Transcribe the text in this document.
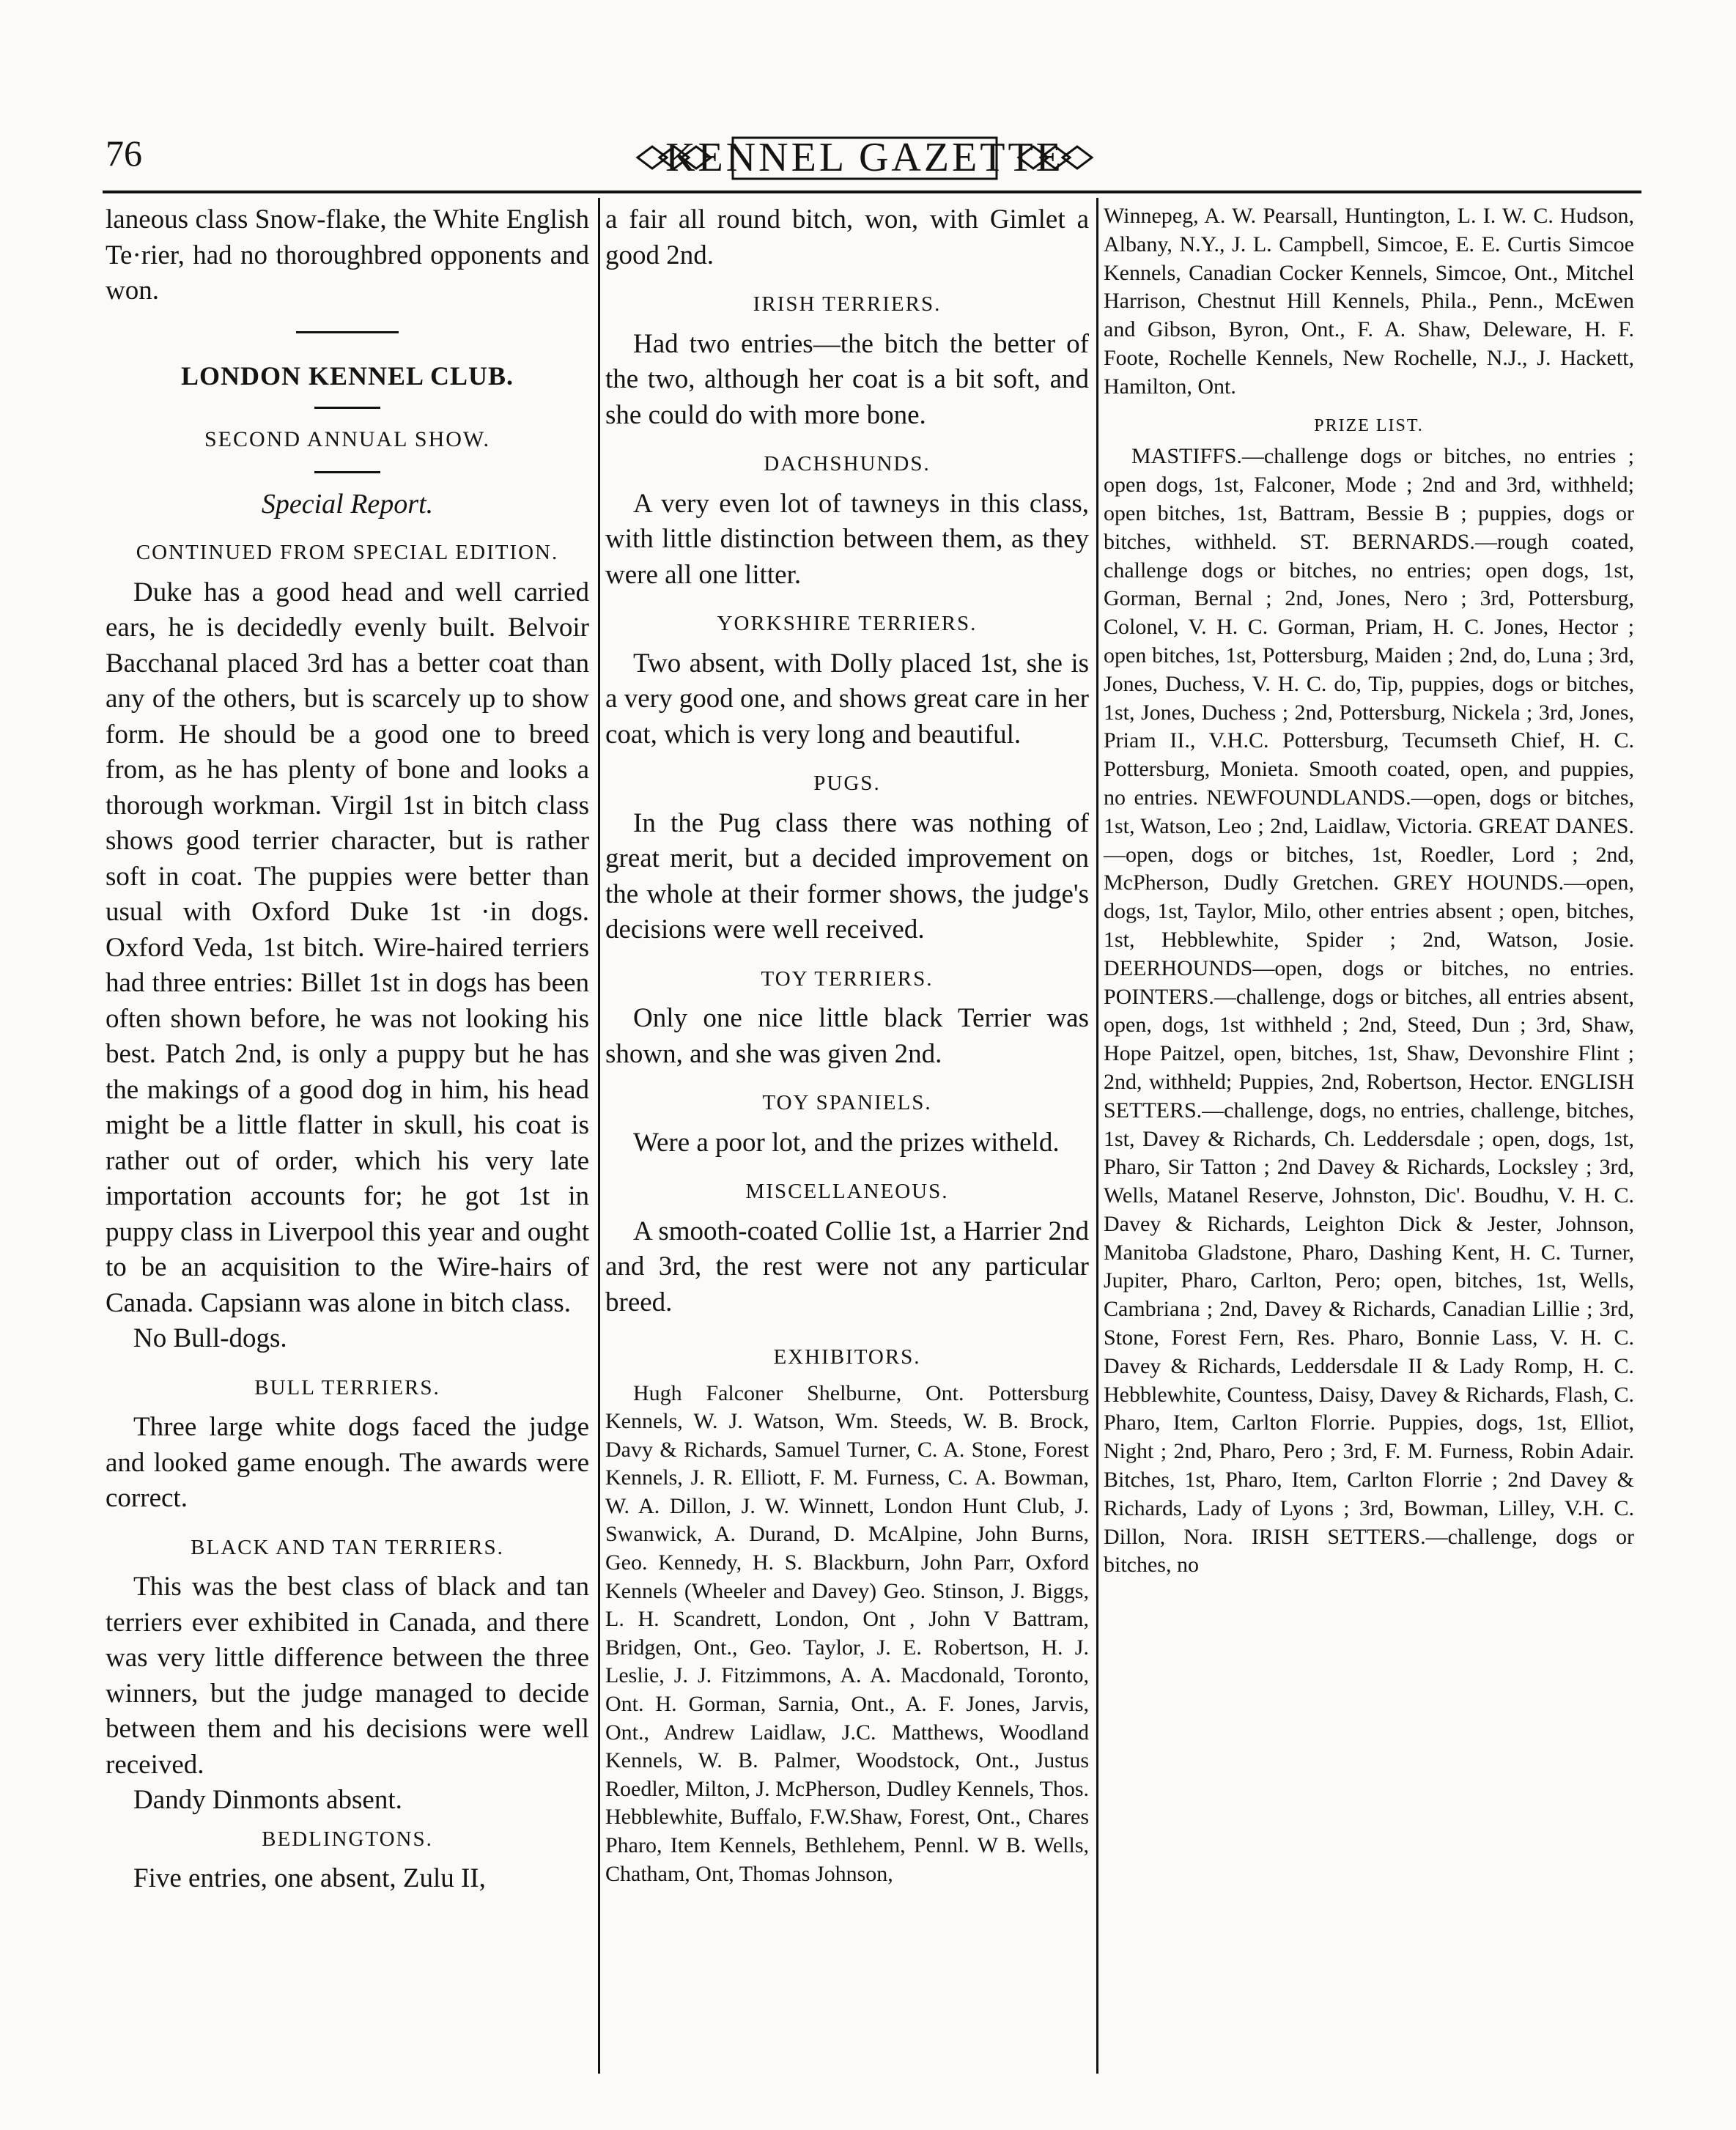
76	KENNEL GAZETTE

laneous class Snow-flake, the White English Te·rier, had no thoroughbred opponents and won.

LONDON KENNEL CLUB.
SECOND ANNUAL SHOW.
Special Report.
CONTINUED FROM SPECIAL EDITION.

Duke has a good head and well carried ears, he is decidedly evenly built. Belvoir Bacchanal placed 3rd has a better coat than any of the others, but is scarcely up to show form. He should be a good one to breed from, as he has plenty of bone and looks a thorough workman. Virgil 1st in bitch class shows good terrier character, but is rather soft in coat. The puppies were better than usual with Oxford Duke 1st ·in dogs. Oxford Veda, 1st bitch. Wire-haired terriers had three entries: Billet 1st in dogs has been often shown before, he was not looking his best. Patch 2nd, is only a puppy but he has the makings of a good dog in him, his head might be a little flatter in skull, his coat is rather out of order, which his very late importation accounts for; he got 1st in puppy class in Liverpool this year and ought to be an acquisition to the Wire-hairs of Canada. Capsiann was alone in bitch class.

No Bull-dogs.

BULL TERRIERS.

Three large white dogs faced the judge and looked game enough. The awards were correct.

BLACK AND TAN TERRIERS.

This was the best class of black and tan terriers ever exhibited in Canada, and there was very little difference between the three winners, but the judge managed to decide between them and his decisions were well received.

Dandy Dinmonts absent.

BEDLINGTONS.

Five entries, one absent, Zulu II,

a fair all round bitch, won, with Gimlet a good 2nd.

IRISH TERRIERS.

Had two entries—the bitch the better of the two, although her coat is a bit soft, and she could do with more bone.

DACHSHUNDS.

A very even lot of tawneys in this class, with little distinction between them, as they were all one litter.

YORKSHIRE TERRIERS.

Two absent, with Dolly placed 1st, she is a very good one, and shows great care in her coat, which is very long and beautiful.

PUGS.

In the Pug class there was nothing of great merit, but a decided improvement on the whole at their former shows, the judge's decisions were well received.

TOY TERRIERS.

Only one nice little black Terrier was shown, and she was given 2nd.

TOY SPANIELS.

Were a poor lot, and the prizes witheld.

MISCELLANEOUS.

A smooth-coated Collie 1st, a Harrier 2nd and 3rd, the rest were not any particular breed.

EXHIBITORS.

Hugh Falconer Shelburne, Ont. Pottersburg Kennels, W. J. Watson, Wm. Steeds, W. B. Brock, Davy & Richards, Samuel Turner, C. A. Stone, Forest Kennels, J. R. Elliott, F. M. Furness, C. A. Bowman, W. A. Dillon, J. W. Winnett, London Hunt Club, J. Swanwick, A. Durand, D. McAlpine, John Burns, Geo. Kennedy, H. S. Blackburn, John Parr, Oxford Kennels (Wheeler and Davey) Geo. Stinson, J. Biggs, L. H. Scandrett, London, Ont , John V Battram, Bridgen, Ont., Geo. Taylor, J. E. Robertson, H. J. Leslie, J. J. Fitzimmons, A. A. Macdonald, Toronto, Ont. H. Gorman, Sarnia, Ont., A. F. Jones, Jarvis, Ont., Andrew Laidlaw, J.C. Matthews, Woodland Kennels, W. B. Palmer, Woodstock, Ont., Justus Roedler, Milton, J. McPherson, Dudley Kennels, Thos. Hebblewhite, Buffalo, F.W.Shaw, Forest, Ont., Chares Pharo, Item Kennels, Bethlehem, Pennl. W B. Wells, Chatham, Ont, Thomas Johnson,

Winnepeg, A. W. Pearsall, Huntington, L. I. W. C. Hudson, Albany, N.Y., J. L. Campbell, Simcoe, E. E. Curtis Simcoe Kennels, Canadian Cocker Kennels, Simcoe, Ont., Mitchel Harrison, Chestnut Hill Kennels, Phila., Penn., McEwen and Gibson, Byron, Ont., F. A. Shaw, Deleware, H. F. Foote, Rochelle Kennels, New Rochelle, N.J., J. Hackett, Hamilton, Ont.

PRIZE LIST.

MASTIFFS.—challenge dogs or bitches, no entries ; open dogs, 1st, Falconer, Mode ; 2nd and 3rd, withheld; open bitches, 1st, Battram, Bessie B ; puppies, dogs or bitches, withheld. ST. BERNARDS.—rough coated, challenge dogs or bitches, no entries; open dogs, 1st, Gorman, Bernal ; 2nd, Jones, Nero ; 3rd, Pottersburg, Colonel, V. H. C. Gorman, Priam, H. C. Jones, Hector ; open bitches, 1st, Pottersburg, Maiden ; 2nd, do, Luna ; 3rd, Jones, Duchess, V. H. C. do, Tip, puppies, dogs or bitches, 1st, Jones, Duchess ; 2nd, Pottersburg, Nickela ; 3rd, Jones, Priam II., V.H.C. Pottersburg, Tecumseth Chief, H. C. Pottersburg, Monieta. Smooth coated, open, and puppies, no entries. NEWFOUNDLANDS.—open, dogs or bitches, 1st, Watson, Leo ; 2nd, Laidlaw, Victoria. GREAT DANES.—open, dogs or bitches, 1st, Roedler, Lord ; 2nd, McPherson, Dudly Gretchen. GREY HOUNDS.—open, dogs, 1st, Taylor, Milo, other entries absent ; open, bitches, 1st, Hebblewhite, Spider ; 2nd, Watson, Josie. DEERHOUNDS—open, dogs or bitches, no entries. POINTERS.—challenge, dogs or bitches, all entries absent, open, dogs, 1st withheld ; 2nd, Steed, Dun ; 3rd, Shaw, Hope Paitzel, open, bitches, 1st, Shaw, Devonshire Flint ; 2nd, withheld; Puppies, 2nd, Robertson, Hector. ENGLISH SETTERS.—challenge, dogs, no entries, challenge, bitches, 1st, Davey & Richards, Ch. Leddersdale ; open, dogs, 1st, Pharo, Sir Tatton ; 2nd Davey & Richards, Locksley ; 3rd, Wells, Matanel Reserve, Johnston, Dic'. Boudhu, V. H. C. Davey & Richards, Leighton Dick & Jester, Johnson, Manitoba Gladstone, Pharo, Dashing Kent, H. C. Turner, Jupiter, Pharo, Carlton, Pero; open, bitches, 1st, Wells, Cambriana ; 2nd, Davey & Richards, Canadian Lillie ; 3rd, Stone, Forest Fern, Res. Pharo, Bonnie Lass, V. H. C. Davey & Richards, Leddersdale II & Lady Romp, H. C. Hebblewhite, Countess, Daisy, Davey & Richards, Flash, C. Pharo, Item, Carlton Florrie. Puppies, dogs, 1st, Elliot, Night ; 2nd, Pharo, Pero ; 3rd, F. M. Furness, Robin Adair. Bitches, 1st, Pharo, Item, Carlton Florrie ; 2nd Davey & Richards, Lady of Lyons ; 3rd, Bowman, Lilley, V.H. C. Dillon, Nora. IRISH SETTERS.—challenge, dogs or bitches, no
